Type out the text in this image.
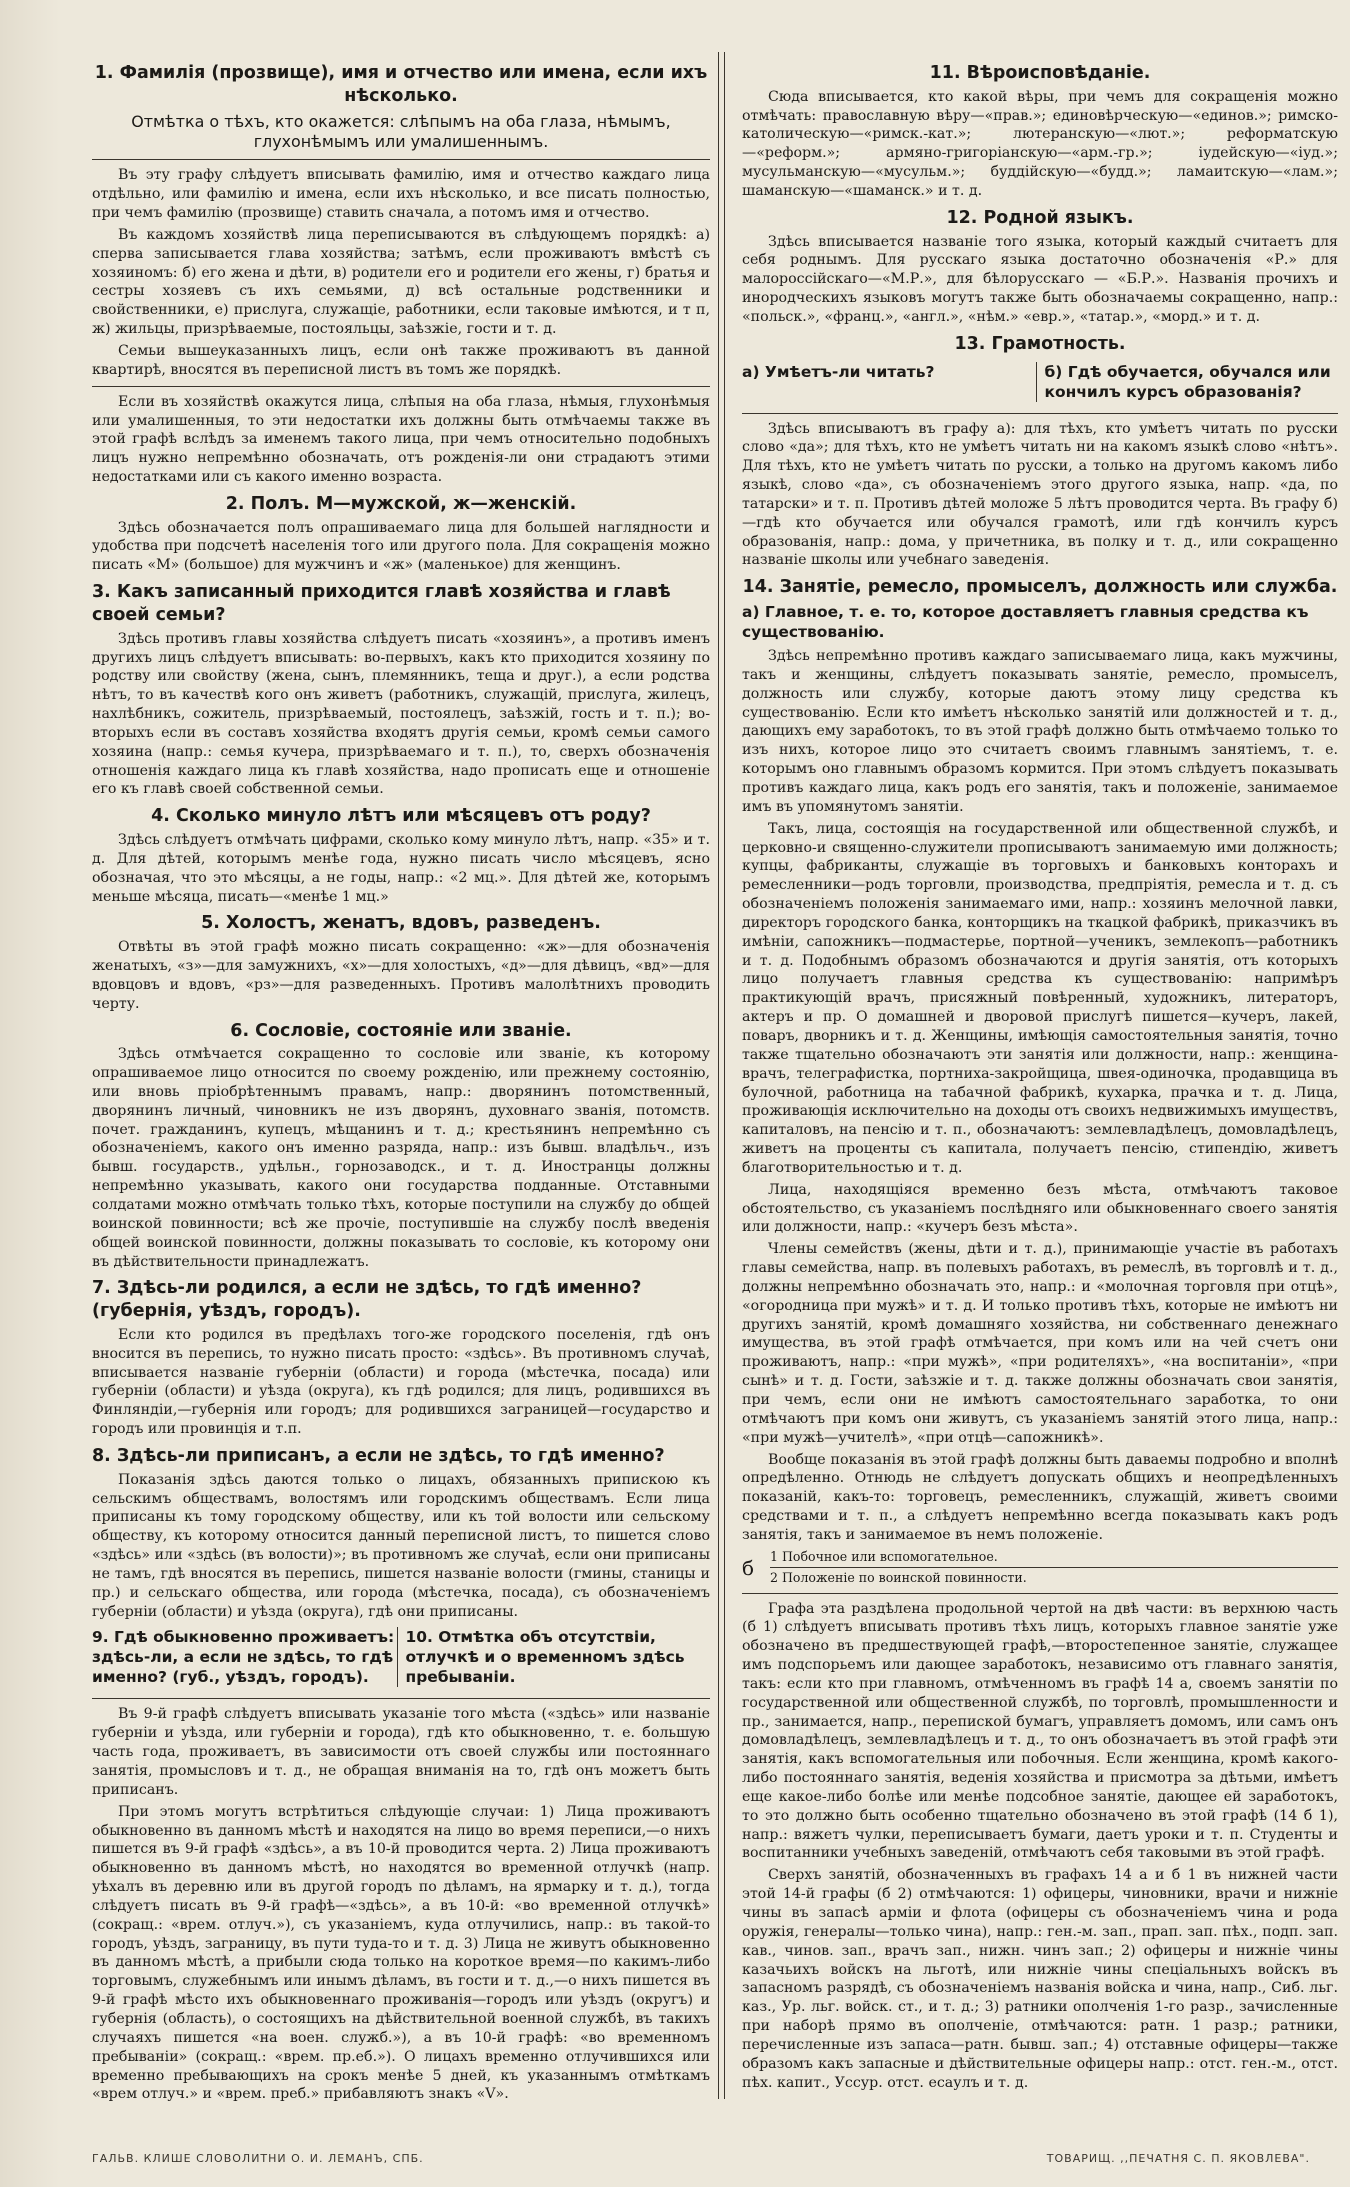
1. Фамилія (прозвище), имя и отчество или имена, если ихъ нѣсколько.
Отмѣтка о тѣхъ, кто окажется: слѣпымъ на оба глаза, нѣмымъ, глухонѣмымъ или умалишеннымъ.

Въ эту графу слѣдуетъ вписывать фамилію, имя и отчество каждаго лица отдѣльно, или фамилію и имена, если ихъ нѣсколько, и все писать полностью, при чемъ фамилію (прозвище) ставить сначала, а потомъ имя и отчество.

Въ каждомъ хозяйствѣ лица переписываются въ слѣдующемъ порядкѣ: а) сперва записывается глава хозяйства; затѣмъ, если проживаютъ вмѣстѣ съ хозяиномъ: б) его жена и дѣти, в) родители его и родители его жены, г) братья и сестры хозяевъ съ ихъ семьями, д) всѣ остальные родственники и свойственники, е) прислуга, служащіе, работники, если таковые имѣются, и т п, ж) жильцы, призрѣваемые, постояльцы, заѣзжіе, гости и т. д.

Семьи вышеуказанныхъ лицъ, если онѣ также проживаютъ въ данной квартирѣ, вносятся въ переписной листъ въ томъ же порядкѣ.

Если въ хозяйствѣ окажутся лица, слѣпыя на оба глаза, нѣмыя, глухонѣмыя или умалишенныя, то эти недостатки ихъ должны быть отмѣчаемы также въ этой графѣ вслѣдъ за именемъ такого лица, при чемъ относительно подобныхъ лицъ нужно непремѣнно обозначать, отъ рожденія-ли они страдаютъ этими недостатками или съ какого именно возраста.

2. Полъ. М—мужской, ж—женскій.

Здѣсь обозначается полъ опрашиваемаго лица для большей наглядности и удобства при подсчетѣ населенія того или другого пола. Для сокращенія можно писать «М» (большое) для мужчинъ и «ж» (маленькое) для женщинъ.

3. Какъ записанный приходится главѣ хозяйства и главѣ своей семьи?

Здѣсь противъ главы хозяйства слѣдуетъ писать «хозяинъ», а противъ именъ другихъ лицъ слѣдуетъ вписывать: во-первыхъ, какъ кто приходится хозяину по родству или свойству (жена, сынъ, племянникъ, теща и друг.), а если родства нѣтъ, то въ качествѣ кого онъ живетъ (работникъ, служащій, прислуга, жилецъ, нахлѣбникъ, сожитель, призрѣваемый, постоялецъ, заѣзжій, гость и т. п.); во-вторыхъ если въ составъ хозяйства входятъ другія семьи, кромѣ семьи самого хозяина (напр.: семья кучера, призрѣваемаго и т. п.), то, сверхъ обозначенія отношенія каждаго лица къ главѣ хозяйства, надо прописать еще и отношеніе его къ главѣ своей собственной семьи.

4. Сколько минуло лѣтъ или мѣсяцевъ отъ роду?

Здѣсь слѣдуетъ отмѣчать цифрами, сколько кому минуло лѣтъ, напр. «35» и т. д. Для дѣтей, которымъ менѣе года, нужно писать число мѣсяцевъ, ясно обозначая, что это мѣсяцы, а не годы, напр.: «2 мц.». Для дѣтей же, которымъ меньше мѣсяца, писать—«менѣе 1 мц.»

5. Холостъ, женатъ, вдовъ, разведенъ.

Отвѣты въ этой графѣ можно писать сокращенно: «ж»—для обозначенія женатыхъ, «з»—для замужнихъ, «х»—для холостыхъ, «д»—для дѣвицъ, «вд»—для вдовцовъ и вдовъ, «рз»—для разведенныхъ. Противъ малолѣтнихъ проводить черту.

6. Сословіе, состояніе или званіе.

Здѣсь отмѣчается сокращенно то сословіе или званіе, къ которому опрашиваемое лицо относится по своему рожденію, или прежнему состоянію, или вновь пріобрѣтеннымъ правамъ, напр.: дворянинъ потомственный, дворянинъ личный, чиновникъ не изъ дворянъ, духовнаго званія, потомств. почет. гражданинъ, купецъ, мѣщанинъ и т. д.; крестьянинъ непремѣнно съ обозначеніемъ, какого онъ именно разряда, напр.: изъ бывш. владѣльч., изъ бывш. государств., удѣльн., горнозаводск., и т. д. Иностранцы должны непремѣнно указывать, какого они государства подданные. Отставными солдатами можно отмѣчать только тѣхъ, которые поступили на службу до общей воинской повинности; всѣ же прочіе, поступившіе на службу послѣ введенія общей воинской повинности, должны показывать то сословіе, къ которому они въ дѣйствительности принадлежатъ.

7. Здѣсь-ли родился, а если не здѣсь, то гдѣ именно? (губернія, уѣздъ, городъ).

Если кто родился въ предѣлахъ того-же городского поселенія, гдѣ онъ вносится въ перепись, то нужно писать просто: «здѣсь». Въ противномъ случаѣ, вписывается названіе губерніи (области) и города (мѣстечка, посада) или губерніи (области) и уѣзда (округа), къ гдѣ родился; для лицъ, родившихся въ Финляндіи,—губернія или городъ; для родившихся заграницей—государство и городъ или провинція и т.п.

8. Здѣсь-ли приписанъ, а если не здѣсь, то гдѣ именно?

Показанія здѣсь даются только о лицахъ, обязанныхъ припискою къ сельскимъ обществамъ, волостямъ или городскимъ обществамъ. Если лица приписаны къ тому городскому обществу, или къ той волости или сельскому обществу, къ которому относится данный переписной листъ, то пишется слово «здѣсь» или «здѣсь (въ волости)»; въ противномъ же случаѣ, если они приписаны не тамъ, гдѣ вносятся въ перепись, пишется названіе волости (гмины, станицы и пр.) и сельскаго общества, или города (мѣстечка, посада), съ обозначеніемъ губерніи (области) и уѣзда (округа), гдѣ они приписаны.

9. Гдѣ обыкновенно проживаетъ: здѣсь-ли, а если не здѣсь, то гдѣ именно? (губ., уѣздъ, городъ).
10. Отмѣтка объ отсутствіи, отлучкѣ и о временномъ здѣсь пребываніи.

Въ 9-й графѣ слѣдуетъ вписывать указаніе того мѣста («здѣсь» или названіе губерніи и уѣзда, или губерніи и города), гдѣ кто обыкновенно, т. е. большую часть года, проживаетъ, въ зависимости отъ своей службы или постояннаго занятія, промысловъ и т. д., не обращая вниманія на то, гдѣ онъ можетъ быть приписанъ.

При этомъ могутъ встрѣтиться слѣдующіе случаи: 1) Лица проживаютъ обыкновенно въ данномъ мѣстѣ и находятся на лицо во время переписи,—о нихъ пишется въ 9-й графѣ «здѣсь», а въ 10-й проводится черта. 2) Лица проживаютъ обыкновенно въ данномъ мѣстѣ, но находятся во временной отлучкѣ (напр. уѣхалъ въ деревню или въ другой городъ по дѣламъ, на ярмарку и т. д.), тогда слѣдуетъ писать въ 9-й графѣ—«здѣсь», а въ 10-й: «во временной отлучкѣ» (сокращ.: «врем. отлуч.»), съ указаніемъ, куда отлучились, напр.: въ такой-то городъ, уѣздъ, заграницу, въ пути туда-то и т. д. 3) Лица не живутъ обыкновенно въ данномъ мѣстѣ, а прибыли сюда только на короткое время—по какимъ-либо торговымъ, служебнымъ или инымъ дѣламъ, въ гости и т. д.,—о нихъ пишется въ 9-й графѣ мѣсто ихъ обыкновеннаго проживанія—городъ или уѣздъ (округъ) и губернія (область), о состоящихъ на дѣйствительной военной службѣ, въ такихъ случаяхъ пишется «на воен. служб.»), а въ 10-й графѣ: «во временномъ пребываніи» (сокращ.: «врем. пр.еб.»). О лицахъ временно отлучившихся или временно пребывающихъ на срокъ менѣе 5 дней, къ указаннымъ отмѣткамъ «врем отлуч.» и «врем. преб.» прибавляютъ знакъ «V».

11. Вѣроисповѣданіе.

Сюда вписывается, кто какой вѣры, при чемъ для сокращенія можно отмѣчать: православную вѣру—«прав.»; единовѣрческую—«единов.»; римско-католическую—«римск.-кат.»; лютеранскую—«лют.»; реформатскую—«реформ.»; армяно-григоріанскую—«арм.-гр.»; іудейскую—«іуд.»; мусульманскую—«мусульм.»; буддійскую—«будд.»; ламаитскую—«лам.»; шаманскую—«шаманск.» и т. д.

12. Родной языкъ.

Здѣсь вписывается названіе того языка, который каждый считаетъ для себя роднымъ. Для русскаго языка достаточно обозначенія «Р.» для малороссійскаго—«М.Р.», для бѣлорусскаго — «Б.Р.». Названія прочихъ и инородческихъ языковъ могутъ также быть обозначаемы сокращенно, напр.: «польск.», «франц.», «англ.», «нѣм.» «евр.», «татар.», «морд.» и т. д.

13. Грамотность.
а) Умѣетъ-ли читать?	б) Гдѣ обучается, обучался или кончилъ курсъ образованія?

Здѣсь вписываютъ въ графу а): для тѣхъ, кто умѣетъ читать по русски слово «да»; для тѣхъ, кто не умѣетъ читать ни на какомъ языкѣ слово «нѣтъ». Для тѣхъ, кто не умѣетъ читать по русски, а только на другомъ какомъ либо языкѣ, слово «да», съ обозначеніемъ этого другого языка, напр. «да, по татарски» и т. п. Противъ дѣтей моложе 5 лѣтъ проводится черта. Въ графу б)—гдѣ кто обучается или обучался грамотѣ, или гдѣ кончилъ курсъ образованія, напр.: дома, у причетника, въ полку и т. д., или сокращенно названіе школы или учебнаго заведенія.

14. Занятіе, ремесло, промыселъ, должность или служба.
а) Главное, т. е. то, которое доставляетъ главныя средства къ существованію.

Здѣсь непремѣнно противъ каждаго записываемаго лица, какъ мужчины, такъ и женщины, слѣдуетъ показывать занятіе, ремесло, промыселъ, должность или службу, которые даютъ этому лицу средства къ существованію. Если кто имѣетъ нѣсколько занятій или должностей и т. д., дающихъ ему заработокъ, то въ этой графѣ должно быть отмѣчаемо только то изъ нихъ, которое лицо это считаетъ своимъ главнымъ занятіемъ, т. е. которымъ оно главнымъ образомъ кормится. При этомъ слѣдуетъ показывать противъ каждаго лица, какъ родъ его занятія, такъ и положеніе, занимаемое имъ въ упомянутомъ занятіи.

Такъ, лица, состоящія на государственной или общественной службѣ, и церковно-и священно-служители прописываютъ занимаемую ими должность; купцы, фабриканты, служащіе въ торговыхъ и банковыхъ конторахъ и ремесленники—родъ торговли, производства, предпріятія, ремесла и т. д. съ обозначеніемъ положенія занимаемаго ими, напр.: хозяинъ мелочной лавки, директоръ городского банка, конторщикъ на ткацкой фабрикѣ, приказчикъ въ имѣніи, сапожникъ—подмастерье, портной—ученикъ, землекопъ—работникъ и т. д. Подобнымъ образомъ обозначаются и другія занятія, отъ которыхъ лицо получаетъ главныя средства къ существованію: напримѣръ практикующій врачъ, присяжный повѣренный, художникъ, литераторъ, актеръ и пр. О домашней и дворовой прислугѣ пишется—кучеръ, лакей, поваръ, дворникъ и т. д. Женщины, имѣющія самостоятельныя занятія, точно также тщательно обозначаютъ эти занятія или должности, напр.: женщина-врачъ, телеграфистка, портниха-закройщица, швея-одиночка, продавщица въ булочной, работница на табачной фабрикѣ, кухарка, прачка и т. д. Лица, проживающія исключительно на доходы отъ своихъ недвижимыхъ имуществъ, капиталовъ, на пенсію и т. п., обозначаютъ: землевладѣлецъ, домовладѣлецъ, живетъ на проценты съ капитала, получаетъ пенсію, стипендію, живетъ благотворительностью и т. д.

Лица, находящіяся временно безъ мѣста, отмѣчаютъ таковое обстоятельство, съ указаніемъ послѣдняго или обыкновеннаго своего занятія или должности, напр.: «кучеръ безъ мѣста».

Члены семействъ (жены, дѣти и т. д.), принимающіе участіе въ работахъ главы семейства, напр. въ полевыхъ работахъ, въ ремеслѣ, въ торговлѣ и т. д., должны непремѣнно обозначать это, напр.: и «молочная торговля при отцѣ», «огородница при мужѣ» и т. д. И только противъ тѣхъ, которые не имѣютъ ни другихъ занятій, кромѣ домашняго хозяйства, ни собственнаго денежнаго имущества, въ этой графѣ отмѣчается, при комъ или на чей счетъ они проживаютъ, напр.: «при мужѣ», «при родителяхъ», «на воспитаніи», «при сынѣ» и т. д. Гости, заѣзжіе и т. д. также должны обозначать свои занятія, при чемъ, если они не имѣютъ самостоятельнаго заработка, то они отмѣчаютъ при комъ они живутъ, съ указаніемъ занятій этого лица, напр.: «при мужѣ—учителѣ», «при отцѣ—сапожникѣ».

Вообще показанія въ этой графѣ должны быть даваемы подробно и вполнѣ опредѣленно. Отнюдь не слѣдуетъ допускать общихъ и неопредѣленныхъ показаній, какъ-то: торговецъ, ремесленникъ, служащій, живетъ своими средствами и т. п., а слѣдуетъ непремѣнно всегда показывать какъ родъ занятія, такъ и занимаемое въ немъ положеніе.

б	1 Побочное или вспомогательное.
2 Положеніе по воинской повинности.

Графа эта раздѣлена продольной чертой на двѣ части: въ верхнюю часть (б 1) слѣдуетъ вписывать противъ тѣхъ лицъ, которыхъ главное занятіе уже обозначено въ предшествующей графѣ,—второстепенное занятіе, служащее имъ подспорьемъ или дающее заработокъ, независимо отъ главнаго занятія, такъ: если кто при главномъ, отмѣченномъ въ графѣ 14 а, своемъ занятіи по государственной или общественной службѣ, по торговлѣ, промышленности и пр., занимается, напр., перепиской бумагъ, управляетъ домомъ, или самъ онъ домовладѣлецъ, землевладѣлецъ и т. д., то онъ обозначаетъ въ этой графѣ эти занятія, какъ вспомогательныя или побочныя. Если женщина, кромѣ какого-либо постояннаго занятія, веденія хозяйства и присмотра за дѣтьми, имѣетъ еще какое-либо болѣе или менѣе подсобное занятіе, дающее ей заработокъ, то это должно быть особенно тщательно обозначено въ этой графѣ (14 б 1), напр.: вяжетъ чулки, переписываетъ бумаги, даетъ уроки и т. п. Студенты и воспитанники учебныхъ заведеній, отмѣчаютъ себя таковыми въ этой графѣ.

Сверхъ занятій, обозначенныхъ въ графахъ 14 а и б 1 въ нижней части этой 14-й графы (б 2) отмѣчаются: 1) офицеры, чиновники, врачи и нижніе чины въ запасѣ арміи и флота (офицеры съ обозначеніемъ чина и рода оружія, генералы—только чина), напр.: ген.-м. зап., прап. зап. пѣх., подп. зап. кав., чинов. зап., врачъ зап., нижн. чинъ зап.; 2) офицеры и нижніе чины казачьихъ войскъ на льготѣ, или нижніе чины спеціальныхъ войскъ въ запасномъ разрядѣ, съ обозначеніемъ названія войска и чина, напр., Сиб. льг. каз., Ур. льг. войск. ст., и т. д.; 3) ратники ополченія 1-го разр., зачисленные при наборѣ прямо въ ополченіе, отмѣчаются: ратн. 1 разр.; ратники, перечисленные изъ запаса—ратн. бывш. зап.; 4) отставные офицеры—также образомъ какъ запасные и дѣйствительные офицеры напр.: отст. ген.-м., отст. пѣх. капит., Уссур. отст. есаулъ и т. д.

ГАЛЬВ. КЛИШЕ СЛОВОЛИТНИ О. И. ЛЕМАНЪ, СПБ.	ТОВАРИЩ. ,,ПЕЧАТНЯ С. П. ЯКОВЛЕВА".
